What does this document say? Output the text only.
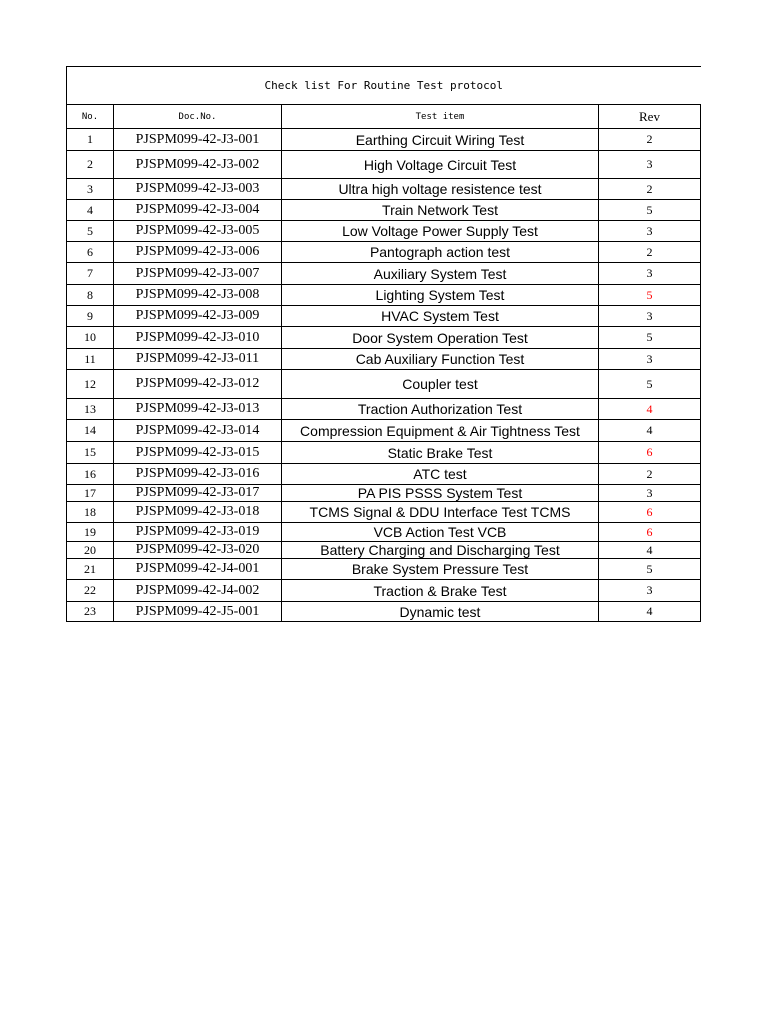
Check list For Routine Test protocol			
No.	Doc.No.	Test item	Rev
1	PJSPM099-42-J3-001	Earthing Circuit Wiring Test	2
2	PJSPM099-42-J3-002	High Voltage Circuit Test	3
3	PJSPM099-42-J3-003	Ultra high voltage resistence test	2
4	PJSPM099-42-J3-004	Train Network Test	5
5	PJSPM099-42-J3-005	Low Voltage Power Supply Test	3
6	PJSPM099-42-J3-006	Pantograph action test	2
7	PJSPM099-42-J3-007	Auxiliary System Test	3
8	PJSPM099-42-J3-008	Lighting System Test	5
9	PJSPM099-42-J3-009	HVAC System Test	3
10	PJSPM099-42-J3-010	Door System Operation Test	5
11	PJSPM099-42-J3-011	Cab Auxiliary Function Test	3
12	PJSPM099-42-J3-012	Coupler test	5
13	PJSPM099-42-J3-013	Traction Authorization Test	4
14	PJSPM099-42-J3-014	Compression Equipment & Air Tightness Test	4
15	PJSPM099-42-J3-015	Static Brake Test	6
16	PJSPM099-42-J3-016	ATC test	2
17	PJSPM099-42-J3-017	PA PIS PSSS System Test	3
18	PJSPM099-42-J3-018	TCMS Signal & DDU Interface Test TCMS	6
19	PJSPM099-42-J3-019	VCB Action Test VCB	6
20	PJSPM099-42-J3-020	Battery Charging and Discharging Test	4
21	PJSPM099-42-J4-001	Brake System Pressure Test	5
22	PJSPM099-42-J4-002	Traction & Brake Test	3
23	PJSPM099-42-J5-001	Dynamic test	4
